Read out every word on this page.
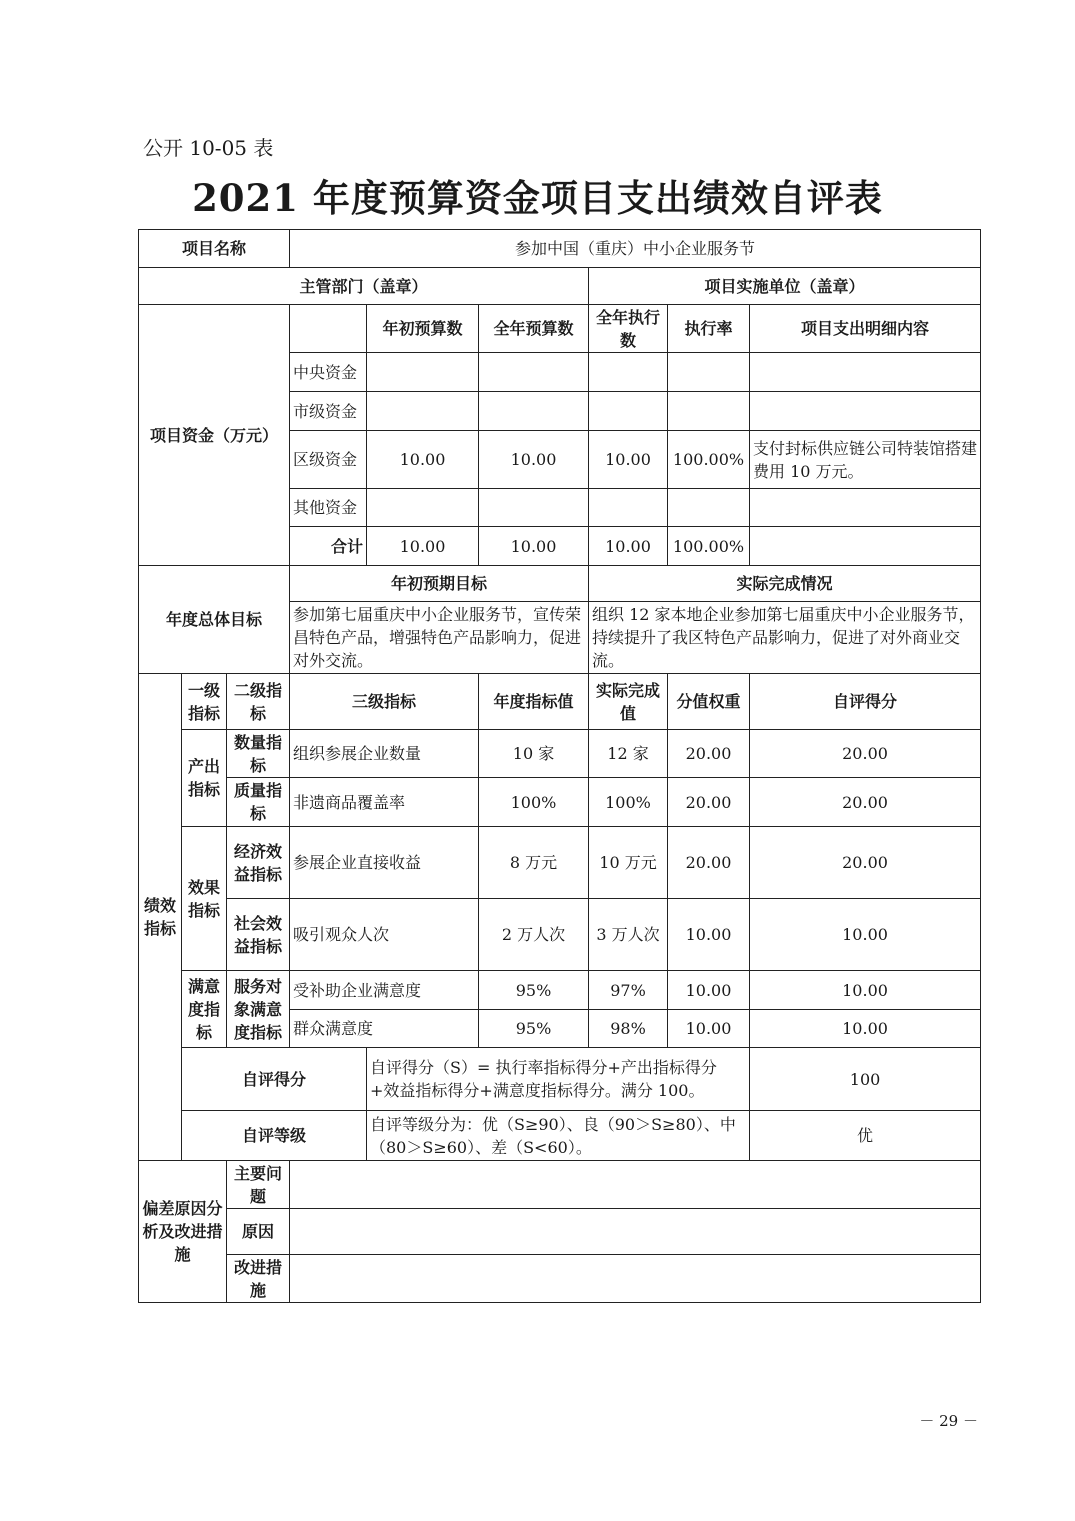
公开 10-05 表
2021 年度预算资金项目支出绩效自评表
项目名称			参加中国（重庆）中小企业服务节						
主管部门（盖章）						项目实施单位（盖章）			
项目资金（万元）				年初预算数	全年预算数	全年执行数	执行率	项目支出明细内容	
			中央资金						
			市级资金						
			区级资金	10.00	10.00	10.00	100.00%	支付封标供应链公司特装馆搭建费用 10 万元。	
			其他资金						
			合计	10.00	10.00	10.00	100.00%		
年度总体目标			年初预期目标			实际完成情况			
			参加第七届重庆中小企业服务节，宣传荣昌特色产品，增强特色产品影响力，促进对外交流。			组织 12 家本地企业参加第七届重庆中小企业服务节，持续提升了我区特色产品影响力，促进了对外商业交流。			
绩效指标	一级指标	二级指标	三级指标		年度指标值	实际完成值	分值权重	自评得分	
	产出指标	数量指标	组织参展企业数量		10 家	12 家	20.00	20.00	
		质量指标	非遗商品覆盖率		100%	100%	20.00	20.00	
	效果指标	经济效益指标	参展企业直接收益		8 万元	10 万元	20.00	20.00	
		社会效益指标	吸引观众人次		2 万人次	3 万人次	10.00	10.00	
	满意度指标	服务对象满意度指标	受补助企业满意度		95%	97%	10.00	10.00	
			群众满意度		95%	98%	10.00	10.00	
	自评得分			自评得分（S）= 执行率指标得分+产出指标得分+效益指标得分+满意度指标得分。满分 100。				100	
	自评等级			自评等级分为：优（S≥90）、良（90＞S≥80）、中（80＞S≥60）、差（S<60）。				优	
偏差原因分析及改进措施		主要问题							
		原因							
		改进措施							
－ 29 －
